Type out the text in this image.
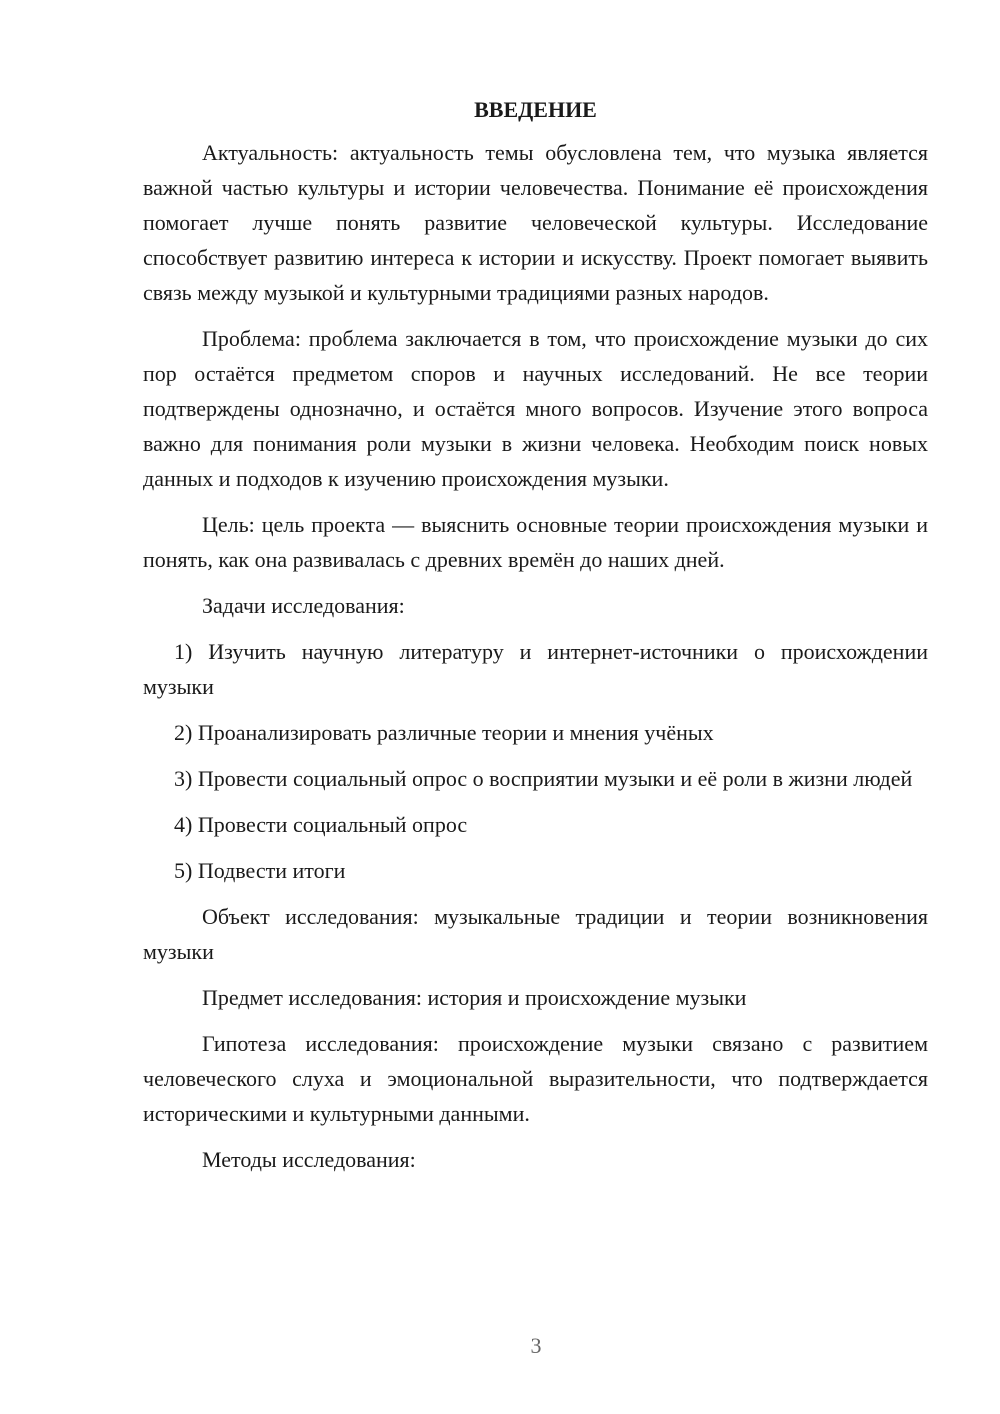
ВВЕДЕНИЕ

Актуальность: актуальность темы обусловлена тем, что музыка является важной частью культуры и истории человечества. Понимание её происхождения помогает лучше понять развитие человеческой культуры. Исследование способствует развитию интереса к истории и искусству. Проект помогает выявить связь между музыкой и культурными традициями разных народов.

Проблема: проблема заключается в том, что происхождение музыки до сих пор остаётся предметом споров и научных исследований. Не все теории подтверждены однозначно, и остаётся много вопросов. Изучение этого вопроса важно для понимания роли музыки в жизни человека. Необходим поиск новых данных и подходов к изучению происхождения музыки.

Цель: цель проекта — выяснить основные теории происхождения музыки и понять, как она развивалась с древних времён до наших дней.

Задачи исследования:

1) Изучить научную литературу и интернет-источники о происхождении музыки

2) Проанализировать различные теории и мнения учёных

3) Провести социальный опрос о восприятии музыки и её роли в жизни людей

4) Провести социальный опрос

5) Подвести итоги

Объект исследования: музыкальные традиции и теории возникновения музыки

Предмет исследования: история и происхождение музыки

Гипотеза исследования: происхождение музыки связано с развитием человеческого слуха и эмоциональной выразительности, что подтверждается историческими и культурными данными.

Методы исследования:

3
